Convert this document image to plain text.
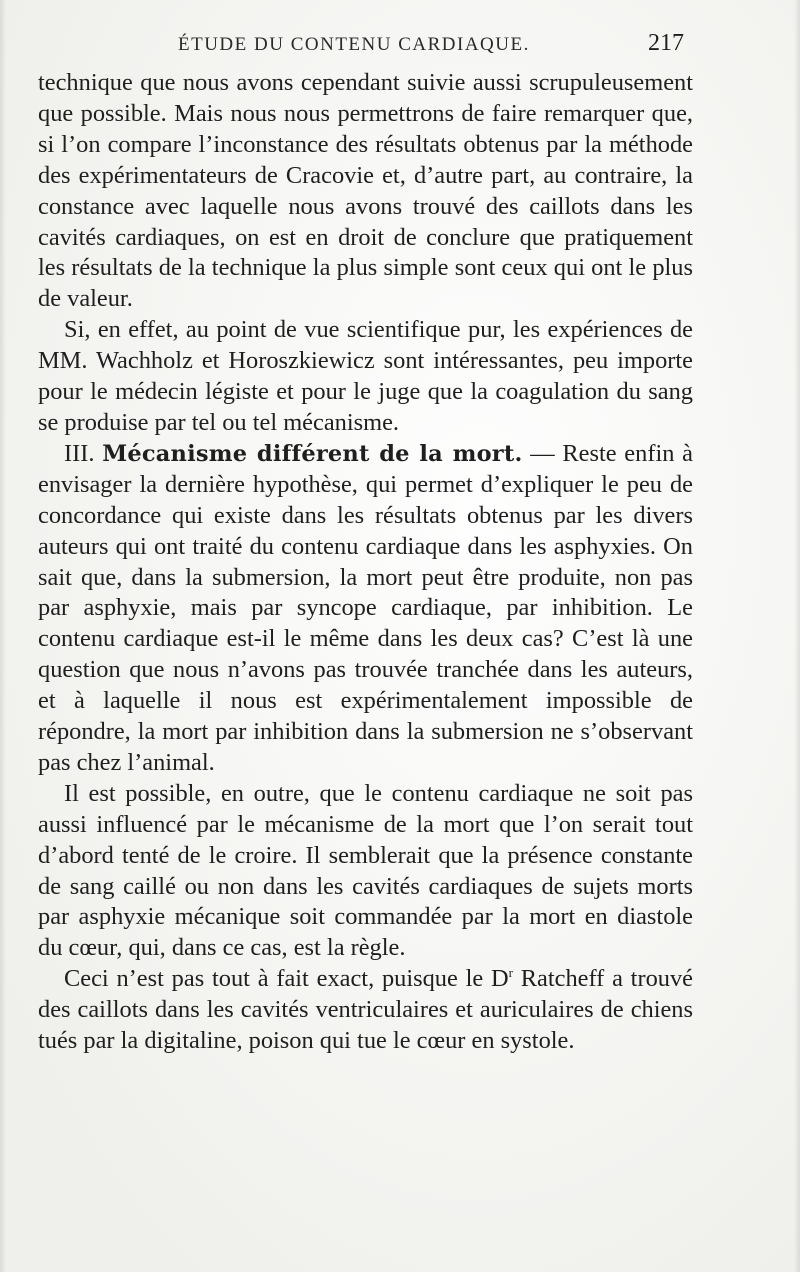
ÉTUDE DU CONTENU CARDIAQUE.	217

technique que nous avons cependant suivie aussi scrupuleusement que possible. Mais nous nous permettrons de faire remarquer que, si l’on compare l’inconstance des résultats obtenus par la méthode des expérimentateurs de Cracovie et, d’autre part, au contraire, la constance avec laquelle nous avons trouvé des caillots dans les cavités cardiaques, on est en droit de conclure que pratiquement les résultats de la technique la plus simple sont ceux qui ont le plus de valeur.

Si, en effet, au point de vue scientifique pur, les expériences de MM. Wachholz et Horoszkiewicz sont intéressantes, peu importe pour le médecin légiste et pour le juge que la coagulation du sang se produise par tel ou tel mécanisme.

III. Mécanisme différent de la mort. — Reste enfin à envisager la dernière hypothèse, qui permet d’expliquer le peu de concordance qui existe dans les résultats obtenus par les divers auteurs qui ont traité du contenu cardiaque dans les asphyxies. On sait que, dans la submersion, la mort peut être produite, non pas par asphyxie, mais par syncope cardiaque, par inhibition. Le contenu cardiaque est-il le même dans les deux cas? C’est là une question que nous n’avons pas trouvée tranchée dans les auteurs, et à laquelle il nous est expérimentalement impossible de répondre, la mort par inhibition dans la submersion ne s’observant pas chez l’animal.

Il est possible, en outre, que le contenu cardiaque ne soit pas aussi influencé par le mécanisme de la mort que l’on serait tout d’abord tenté de le croire. Il semblerait que la présence constante de sang caillé ou non dans les cavités cardiaques de sujets morts par asphyxie mécanique soit commandée par la mort en diastole du cœur, qui, dans ce cas, est la règle.

Ceci n’est pas tout à fait exact, puisque le $D^r$ Ratcheff a trouvé des caillots dans les cavités ventriculaires et auriculaires de chiens tués par la digitaline, poison qui tue le cœur en systole.
